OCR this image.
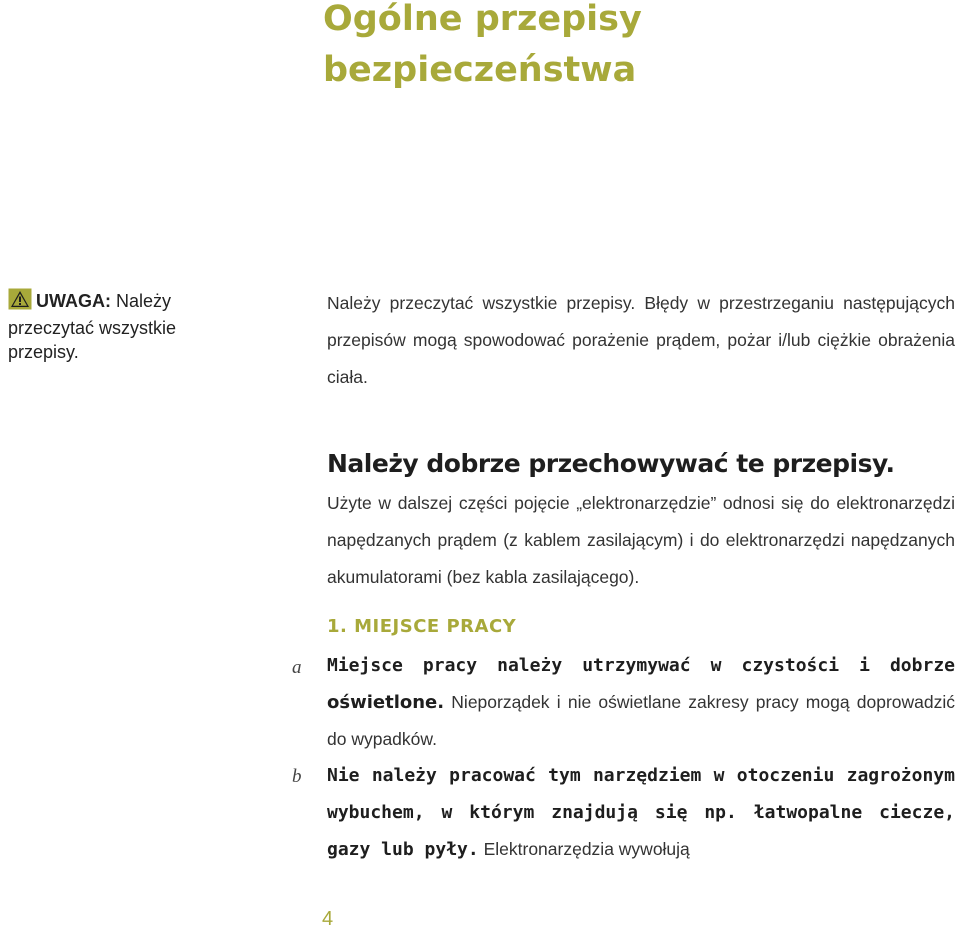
Ogólne przepisy
bezpieczeństwa
UWAGA: Należy przeczytać wszystkie przepisy.

Należy przeczytać wszystkie przepisy. Błędy w przestrzeganiu następujących przepisów mogą spowodować porażenie prądem, pożar i/lub ciężkie obrażenia ciała.

Należy dobrze przechowywać te przepisy.

Użyte w dalszej części pojęcie „elektronarzędzie” odnosi się do elektronarzędzi napędzanych prądem (z kablem zasilającym) i do elektronarzędzi napędzanych akumulatorami (bez kabla zasilającego).

1. MIEJSCE PRACY
a Miejsce pracy należy utrzymywać w czystości i dobrze
oświetlone. Nieporządek i nie oświetlane zakresy pracy mogą doprowadzić do wypadków.
b Nie należy pracować tym narzędziem w otoczeniu zagrożonym wybuchem, w którym znajdują się np. łatwopalne ciecze, gazy lub pyły. Elektronarzędzia wywołują
4
